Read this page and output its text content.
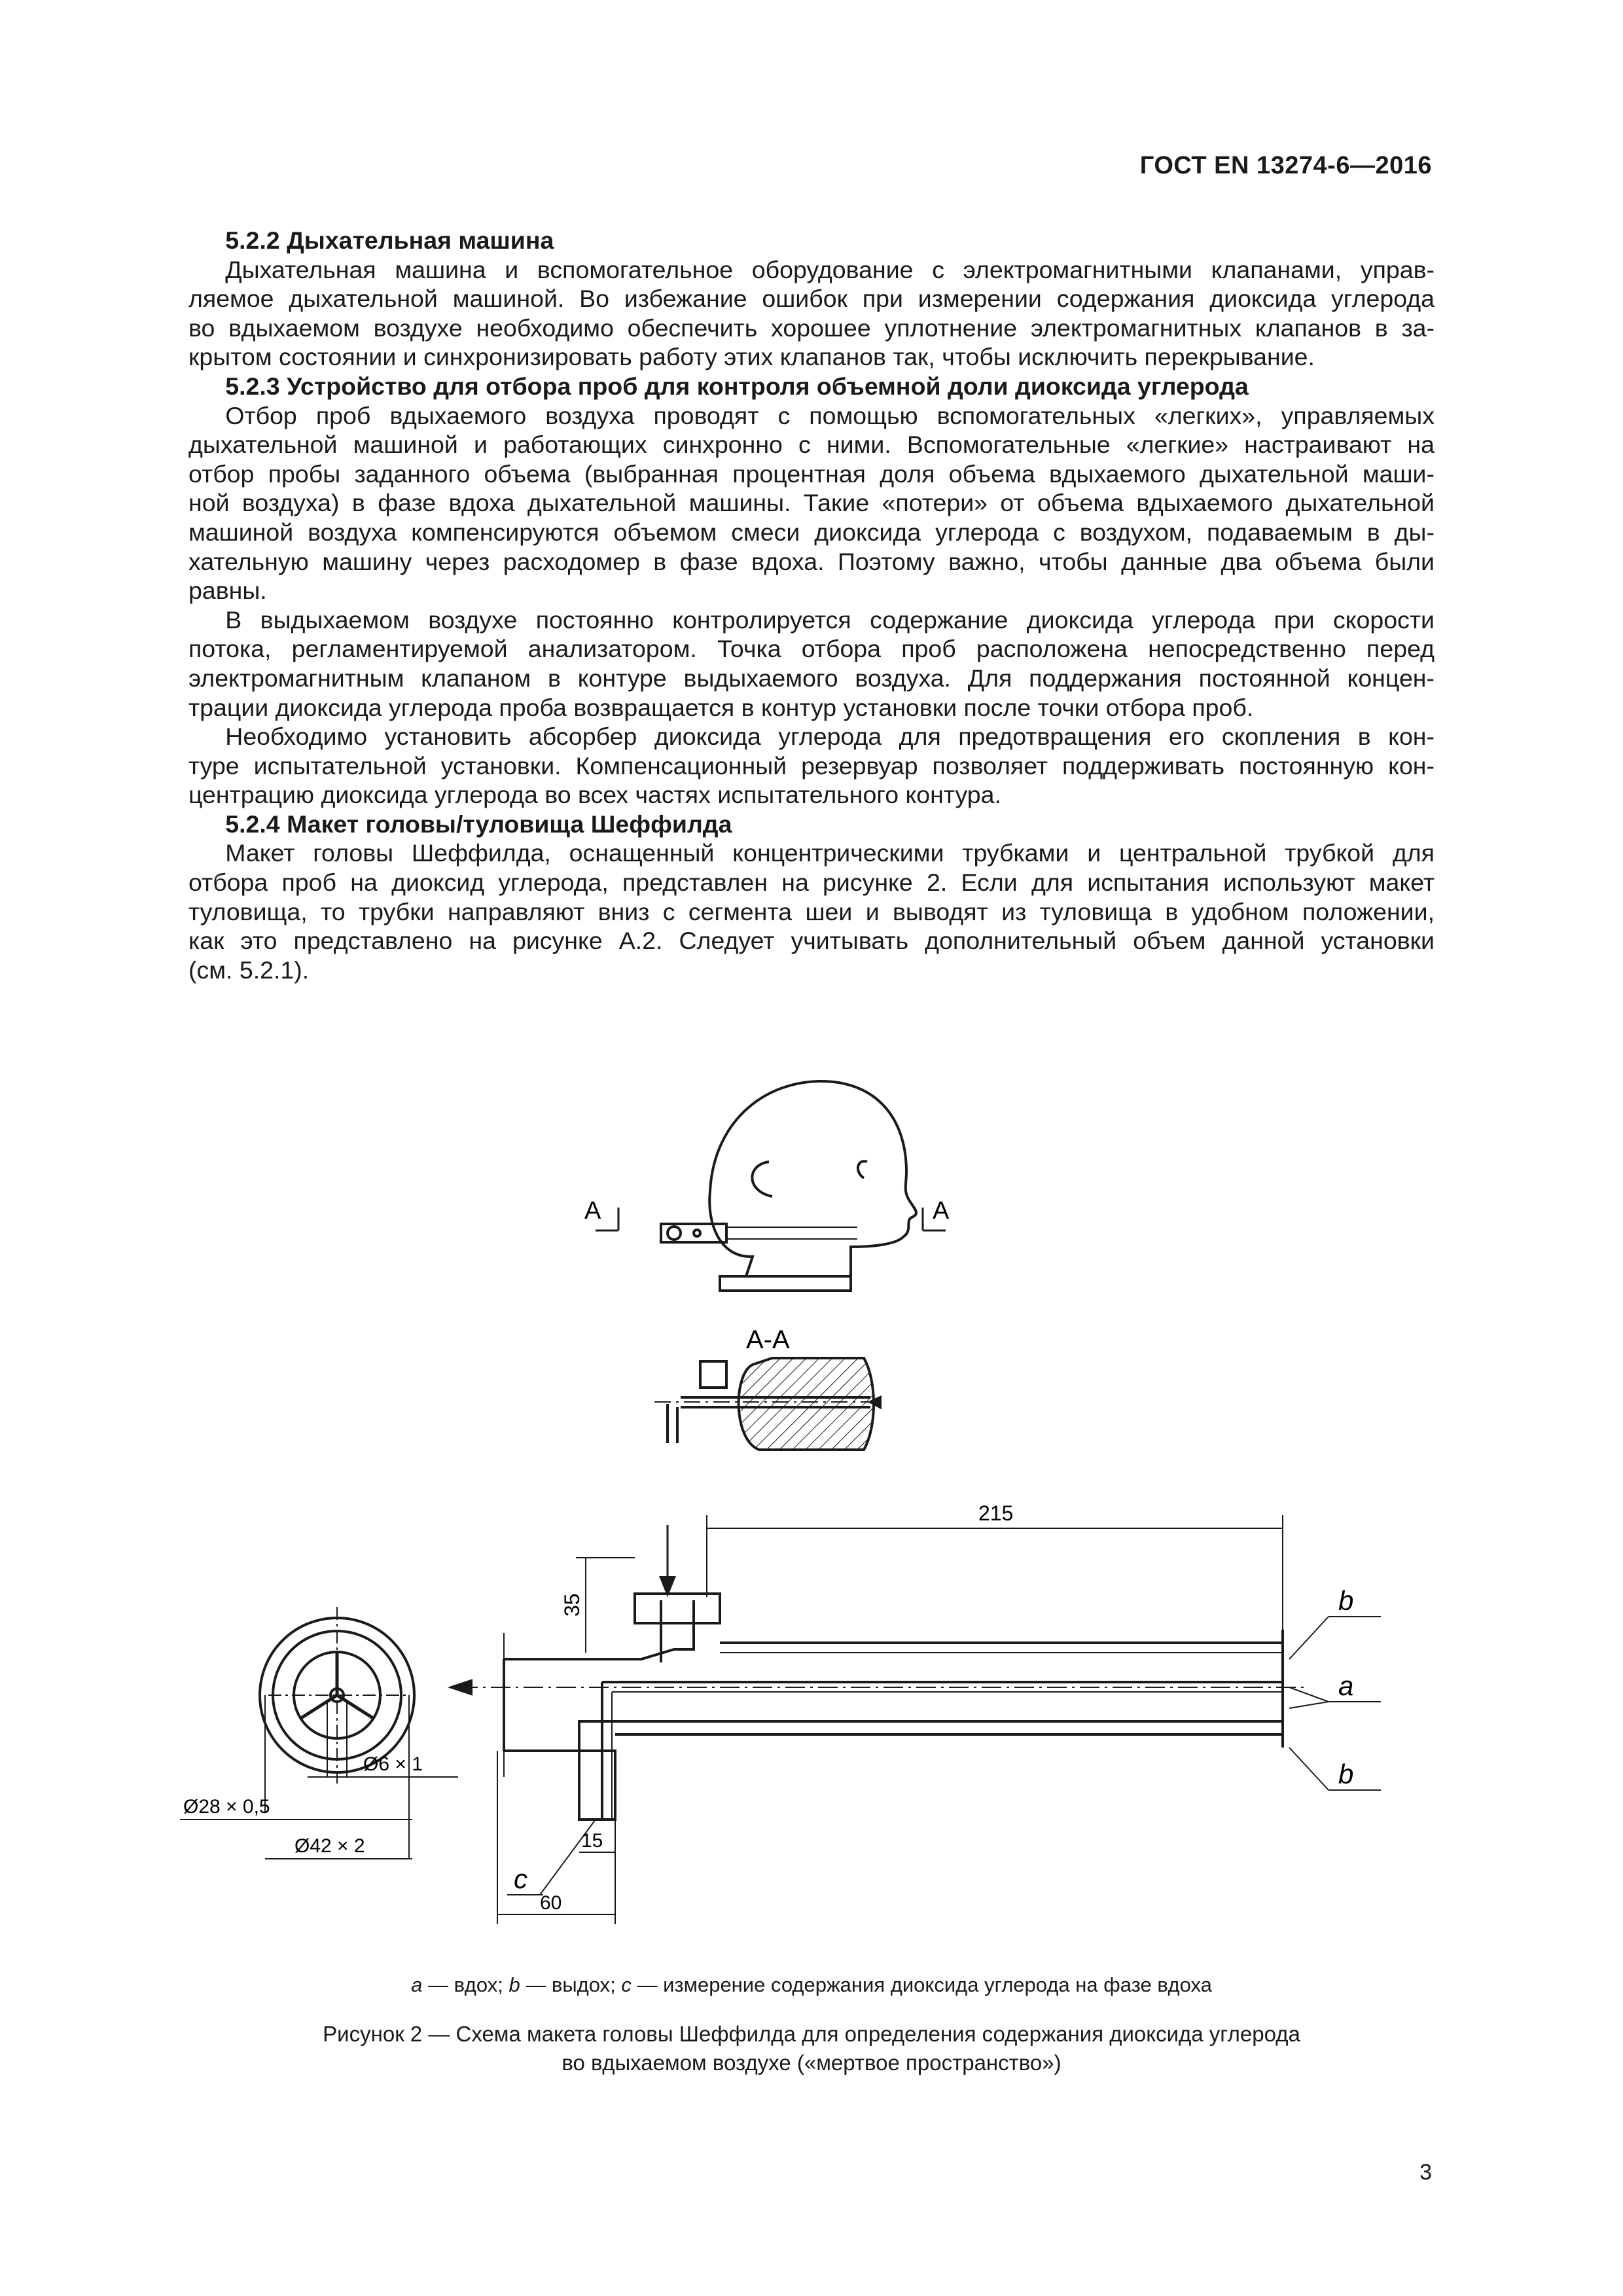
ГОСТ EN 13274-6—2016

5.2.2 Дыхательная машина

Дыхательная машина и вспомогательное оборудование с электромагнитными клапанами, управ-

ляемое дыхательной машиной. Во избежание ошибок при измерении содержания диоксида углерода

во вдыхаемом воздухе необходимо обеспечить хорошее уплотнение электромагнитных клапанов в за-

крытом состоянии и синхронизировать работу этих клапанов так, чтобы исключить перекрывание.

5.2.3 Устройство для отбора проб для контроля объемной доли диоксида углерода

Отбор проб вдыхаемого воздуха проводят с помощью вспомогательных «легких», управляемых

дыхательной машиной и работающих синхронно с ними. Вспомогательные «легкие» настраивают на

отбор пробы заданного объема (выбранная процентная доля объема вдыхаемого дыхательной маши-

ной воздуха) в фазе вдоха дыхательной машины. Такие «потери» от объема вдыхаемого дыхательной

машиной воздуха компенсируются объемом смеси диоксида углерода с воздухом, подаваемым в ды-

хательную машину через расходомер в фазе вдоха. Поэтому важно, чтобы данные два объема были

равны.

В выдыхаемом воздухе постоянно контролируется содержание диоксида углерода при скорости

потока, регламентируемой анализатором. Точка отбора проб расположена непосредственно перед

электромагнитным клапаном в контуре выдыхаемого воздуха. Для поддержания постоянной концен-

трации диоксида углерода проба возвращается в контур установки после точки отбора проб.

Необходимо установить абсорбер диоксида углерода для предотвращения его скопления в кон-

туре испытательной установки. Компенсационный резервуар позволяет поддерживать постоянную кон-

центрацию диоксида углерода во всех частях испытательного контура.

5.2.4 Макет головы/туловища Шеффилда

Макет головы Шеффилда, оснащенный концентрическими трубками и центральной трубкой для

отбора проб на диоксид углерода, представлен на рисунке 2. Если для испытания используют макет

туловища, то трубки направляют вниз с сегмента шеи и выводят из туловища в удобном положении,

как это представлено на рисунке А.2. Следует учитывать дополнительный объем данной установки

(см. 5.2.1).

A	A
A-A
215
35
15
60
Ø6 × 1
Ø28 × 0,5
Ø42 × 2
b
a
b
c
a — вдох; b — выдох; c — измерение содержания диоксида углерода на фазе вдоха
Рисунок 2 — Схема макета головы Шеффилда для определения содержания диоксида углерода
во вдыхаемом воздухе («мертвое пространство»)
3
